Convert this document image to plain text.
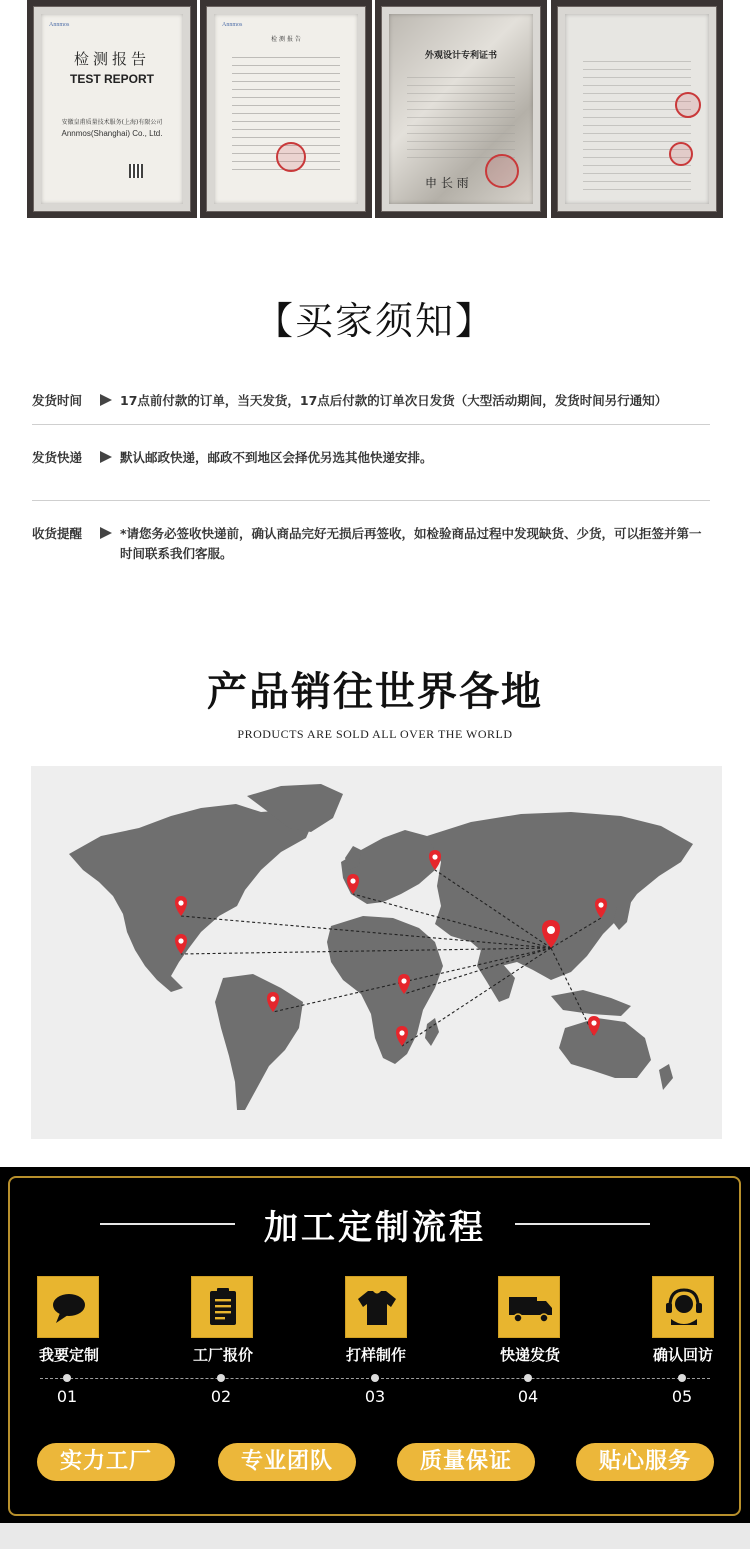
Annmos
检测报告
TEST REPORT
安徽皇甫质量技术服务(上海)有限公司
Annmos(Shanghai) Co., Ltd.
Annmos
检 测 报 告
外观设计专利证书
申 长 雨
【买家须知】
发货时间	17点前付款的订单，当天发货，17点后付款的订单次日发货（大型活动期间，发货时间另行通知）
发货快递	默认邮政快递，邮政不到地区会择优另选其他快递安排。
收货提醒	*请您务必签收快递前，确认商品完好无损后再签收，如检验商品过程中发现缺货、少货，可以拒签并第一时间联系我们客服。
产品销往世界各地
PRODUCTS ARE SOLD ALL OVER THE WORLD
加工定制流程
我要定制	工厂报价	打样制作	快递发货	确认回访
01	02	03	04	05
实力工厂	专业团队	质量保证	贴心服务
